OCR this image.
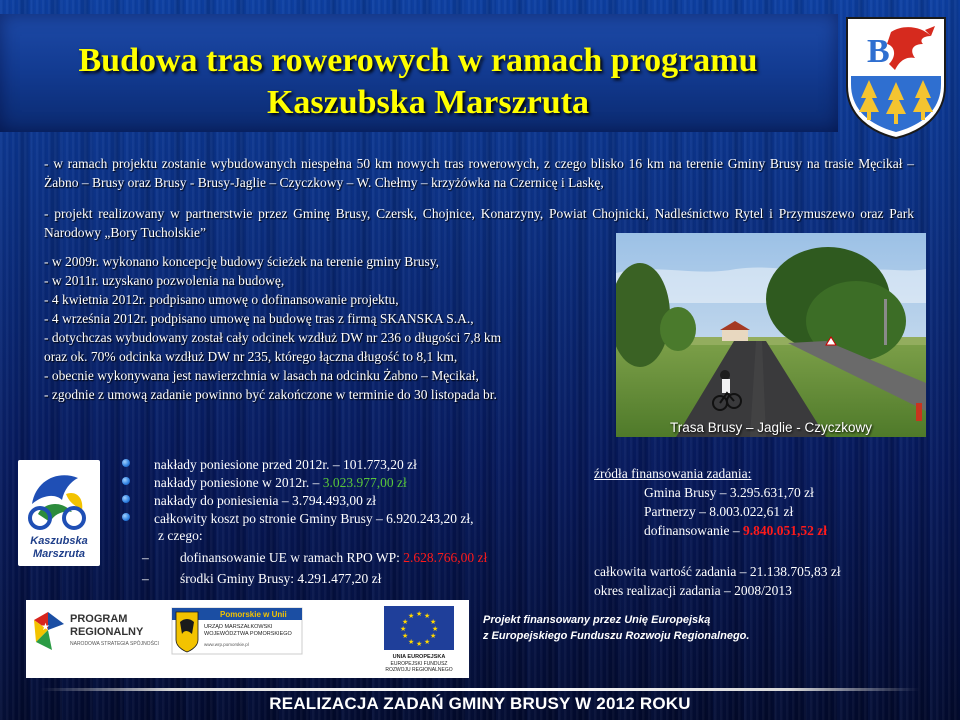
Budowa tras rowerowych w ramach programu
Kaszubska Marszruta
B
- w ramach projektu zostanie wybudowanych niespełna 50 km nowych tras rowerowych, z czego blisko 16 km na terenie Gminy Brusy na trasie Męcikał – Żabno – Brusy oraz Brusy - Brusy-Jaglie – Czyczkowy – W. Chełmy – krzyżówka na Czernicę i Laskę,
- projekt realizowany w partnerstwie przez Gminę Brusy, Czersk, Chojnice, Konarzyny, Powiat Chojnicki, Nadleśnictwo Rytel i Przymuszewo oraz Park Narodowy „Bory Tucholskie”
- w 2009r. wykonano koncepcję budowy ścieżek na terenie gminy Brusy,
- w 2011r. uzyskano pozwolenia na budowę,
- 4 kwietnia 2012r. podpisano umowę o dofinansowanie projektu,
- 4 września 2012r. podpisano umowę na budowę tras z firmą SKANSKA S.A.,
- dotychczas wybudowany został cały odcinek wzdłuż DW nr 236 o długości 7,8 km
oraz ok. 70% odcinka wzdłuż DW nr 235, którego łączna długość to 8,1 km,
- obecnie wykonywana jest nawierzchnia w lasach na odcinku Żabno – Męcikał,
- zgodnie z umową zadanie powinno być zakończone w terminie do 30 listopada br.
Trasa Brusy – Jaglie - Czyczkowy
Kaszubska
Marszruta
nakłady poniesione przed 2012r. – 101.773,20 zł
nakłady poniesione w 2012r. – 3.023.977,00 zł
nakłady do poniesienia – 3.794.493,00 zł
całkowity koszt po stronie Gminy Brusy – 6.920.243,20 zł,
z czego:
– dofinansowanie UE w ramach RPO WP: 2.628.766,00 zł
– środki Gminy Brusy: 4.291.477,20 zł
źródła finansowania zadania:
Gmina Brusy – 3.295.631,70 zł
Partnerzy – 8.003.022,61 zł
dofinansowanie – 9.840.051,52 zł
całkowita wartość zadania – 21.138.705,83 zł
okres realizacji zadania – 2008/2013
★
PROGRAM
REGIONALNY
NARODOWA STRATEGIA SPÓJNOŚCI
Pomorskie w Unii
URZĄD MARSZAŁKOWSKI
WOJEWÓDZTWA POMORSKIEGO
www.wrp.pomorskie.pl
★ ★
★
★
★
★
★
★
★
★
★
★
UNIA EUROPEJSKA
EUROPEJSKI FUNDUSZ
ROZWOJU REGIONALNEGO
Projekt finansowany przez Unię Europejską
z Europejskiego Funduszu Rozwoju Regionalnego.
REALIZACJA ZADAŃ GMINY BRUSY W 2012 ROKU
